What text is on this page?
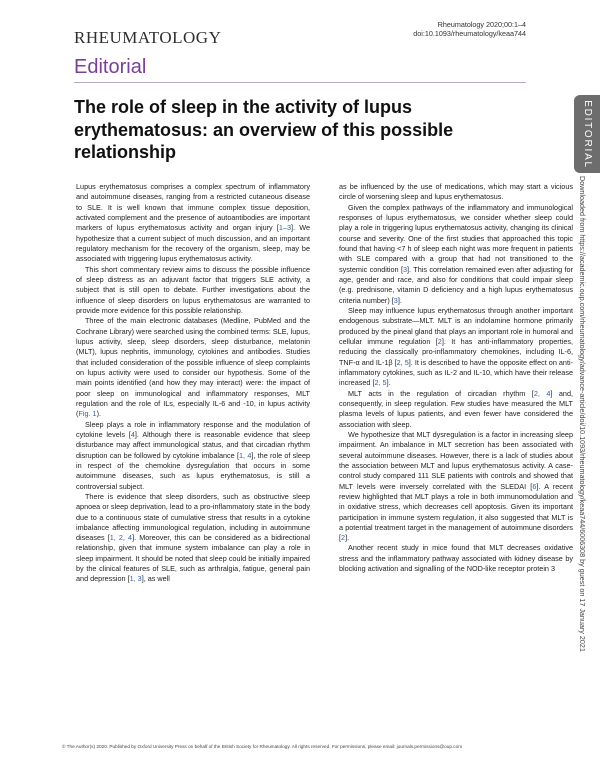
RHEUMATOLOGY
Rheumatology 2020;00:1–4
doi:10.1093/rheumatology/keaa744
Editorial
The role of sleep in the activity of lupus erythematosus: an overview of this possible relationship

Lupus erythematosus comprises a complex spectrum of inflammatory and autoimmune diseases, ranging from a restricted cutaneous disease to SLE. It is well known that immune complex tissue deposition, activated complement and the presence of autoantibodies are important markers of lupus erythematosus activity and organ injury [1–3]. We hypothesize that a current subject of much discussion, and an important regulatory mechanism for the recovery of the organism, sleep, may be associated with triggering lupus erythematosus activity.

This short commentary review aims to discuss the possible influence of sleep distress as an adjuvant factor that triggers SLE activity, a subject that is still open to debate. Further investigations about the influence of sleep disorders on lupus erythematosus are warranted to provide more evidence for this possible relationship.

Three of the main electronic databases (Medline, PubMed and the Cochrane Library) were searched using the combined terms: SLE, lupus, lupus activity, sleep, sleep disorders, sleep disturbance, melatonin (MLT), lupus nephritis, immunology, cytokines and antibodies. Studies that included consideration of the possible influence of sleep complaints on lupus activity were used to consider our hypothesis. Some of the main points identified (and how they may interact) were: the impact of poor sleep on immunological and inflammatory responses, MLT regulation and the role of ILs, especially IL-6 and -10, in lupus activity (Fig. 1).

Sleep plays a role in inflammatory response and the modulation of cytokine levels [4]. Although there is reasonable evidence that sleep disturbance may affect immunological status, and that circadian rhythm disruption can be followed by cytokine imbalance [1, 4], the role of sleep in respect of the chemokine dysregulation that occurs in some autoimmune diseases, such as lupus erythematosus, is still a controversial subject.

There is evidence that sleep disorders, such as obstructive sleep apnoea or sleep deprivation, lead to a pro-inflammatory state in the body due to a continuous state of cumulative stress that results in a cytokine imbalance affecting immunological regulation, including in autoimmune diseases [1, 2, 4]. Moreover, this can be considered as a bidirectional relationship, given that immune system imbalance can play a role in sleep impairment. It should be noted that sleep could be initially impaired by the clinical features of SLE, such as arthralgia, fatigue, general pain and depression [1, 3], as well

as be influenced by the use of medications, which may start a vicious circle of worsening sleep and lupus erythematosus.

Given the complex pathways of the inflammatory and immunological responses of lupus erythematosus, we consider whether sleep could play a role in triggering lupus erythematosus activity, changing its clinical course and severity. One of the first studies that approached this topic found that having <7 h of sleep each night was more frequent in patients with SLE compared with a group that had not transitioned to the systemic condition [3]. This correlation remained even after adjusting for age, gender and race, and also for conditions that could impair sleep (e.g. prednisone, vitamin D deficiency and a high lupus erythematosus criteria number) [3].

Sleep may influence lupus erythematosus through another important endogenous substrate—MLT. MLT is an indolamine hormone primarily produced by the pineal gland that plays an important role in humoral and cellular immune regulation [2]. It has anti-inflammatory properties, reducing the classically pro-inflammatory chemokines, including IL-6, TNF-α and IL-1β [2, 5]. It is described to have the opposite effect on anti-inflammatory cytokines, such as IL-2 and IL-10, which have their release increased [2, 5].

MLT acts in the regulation of circadian rhythm [2, 4] and, consequently, in sleep regulation. Few studies have measured the MLT plasma levels of lupus patients, and even fewer have considered the association with sleep.

We hypothesize that MLT dysregulation is a factor in increasing sleep impairment. An imbalance in MLT secretion has been associated with several autoimmune diseases. However, there is a lack of studies about the association between MLT and lupus erythematosus activity. A case-control study compared 111 SLE patients with controls and showed that MLT levels were inversely correlated with the SLEDAI [6]. A recent review highlighted that MLT plays a role in both immunomodulation and in oxidative stress, which decreases cell apoptosis. Given its important participation in immune system regulation, it also suggested that MLT is a potential treatment target in the management of autoimmune disorders [2].

Another recent study in mice found that MLT decreases oxidative stress and the inflammatory pathway associated with kidney disease by blocking activation and signalling of the NOD-like receptor protein 3

© The Author(s) 2020. Published by Oxford University Press on behalf of the British Society for Rheumatology. All rights reserved. For permissions, please email: journals.permissions@oup.com
EDITORIAL
Downloaded from https://academic.oup.com/rheumatology/advance-article/doi/10.1093/rheumatology/keaa744/6006308 by guest on 17 January 2021
